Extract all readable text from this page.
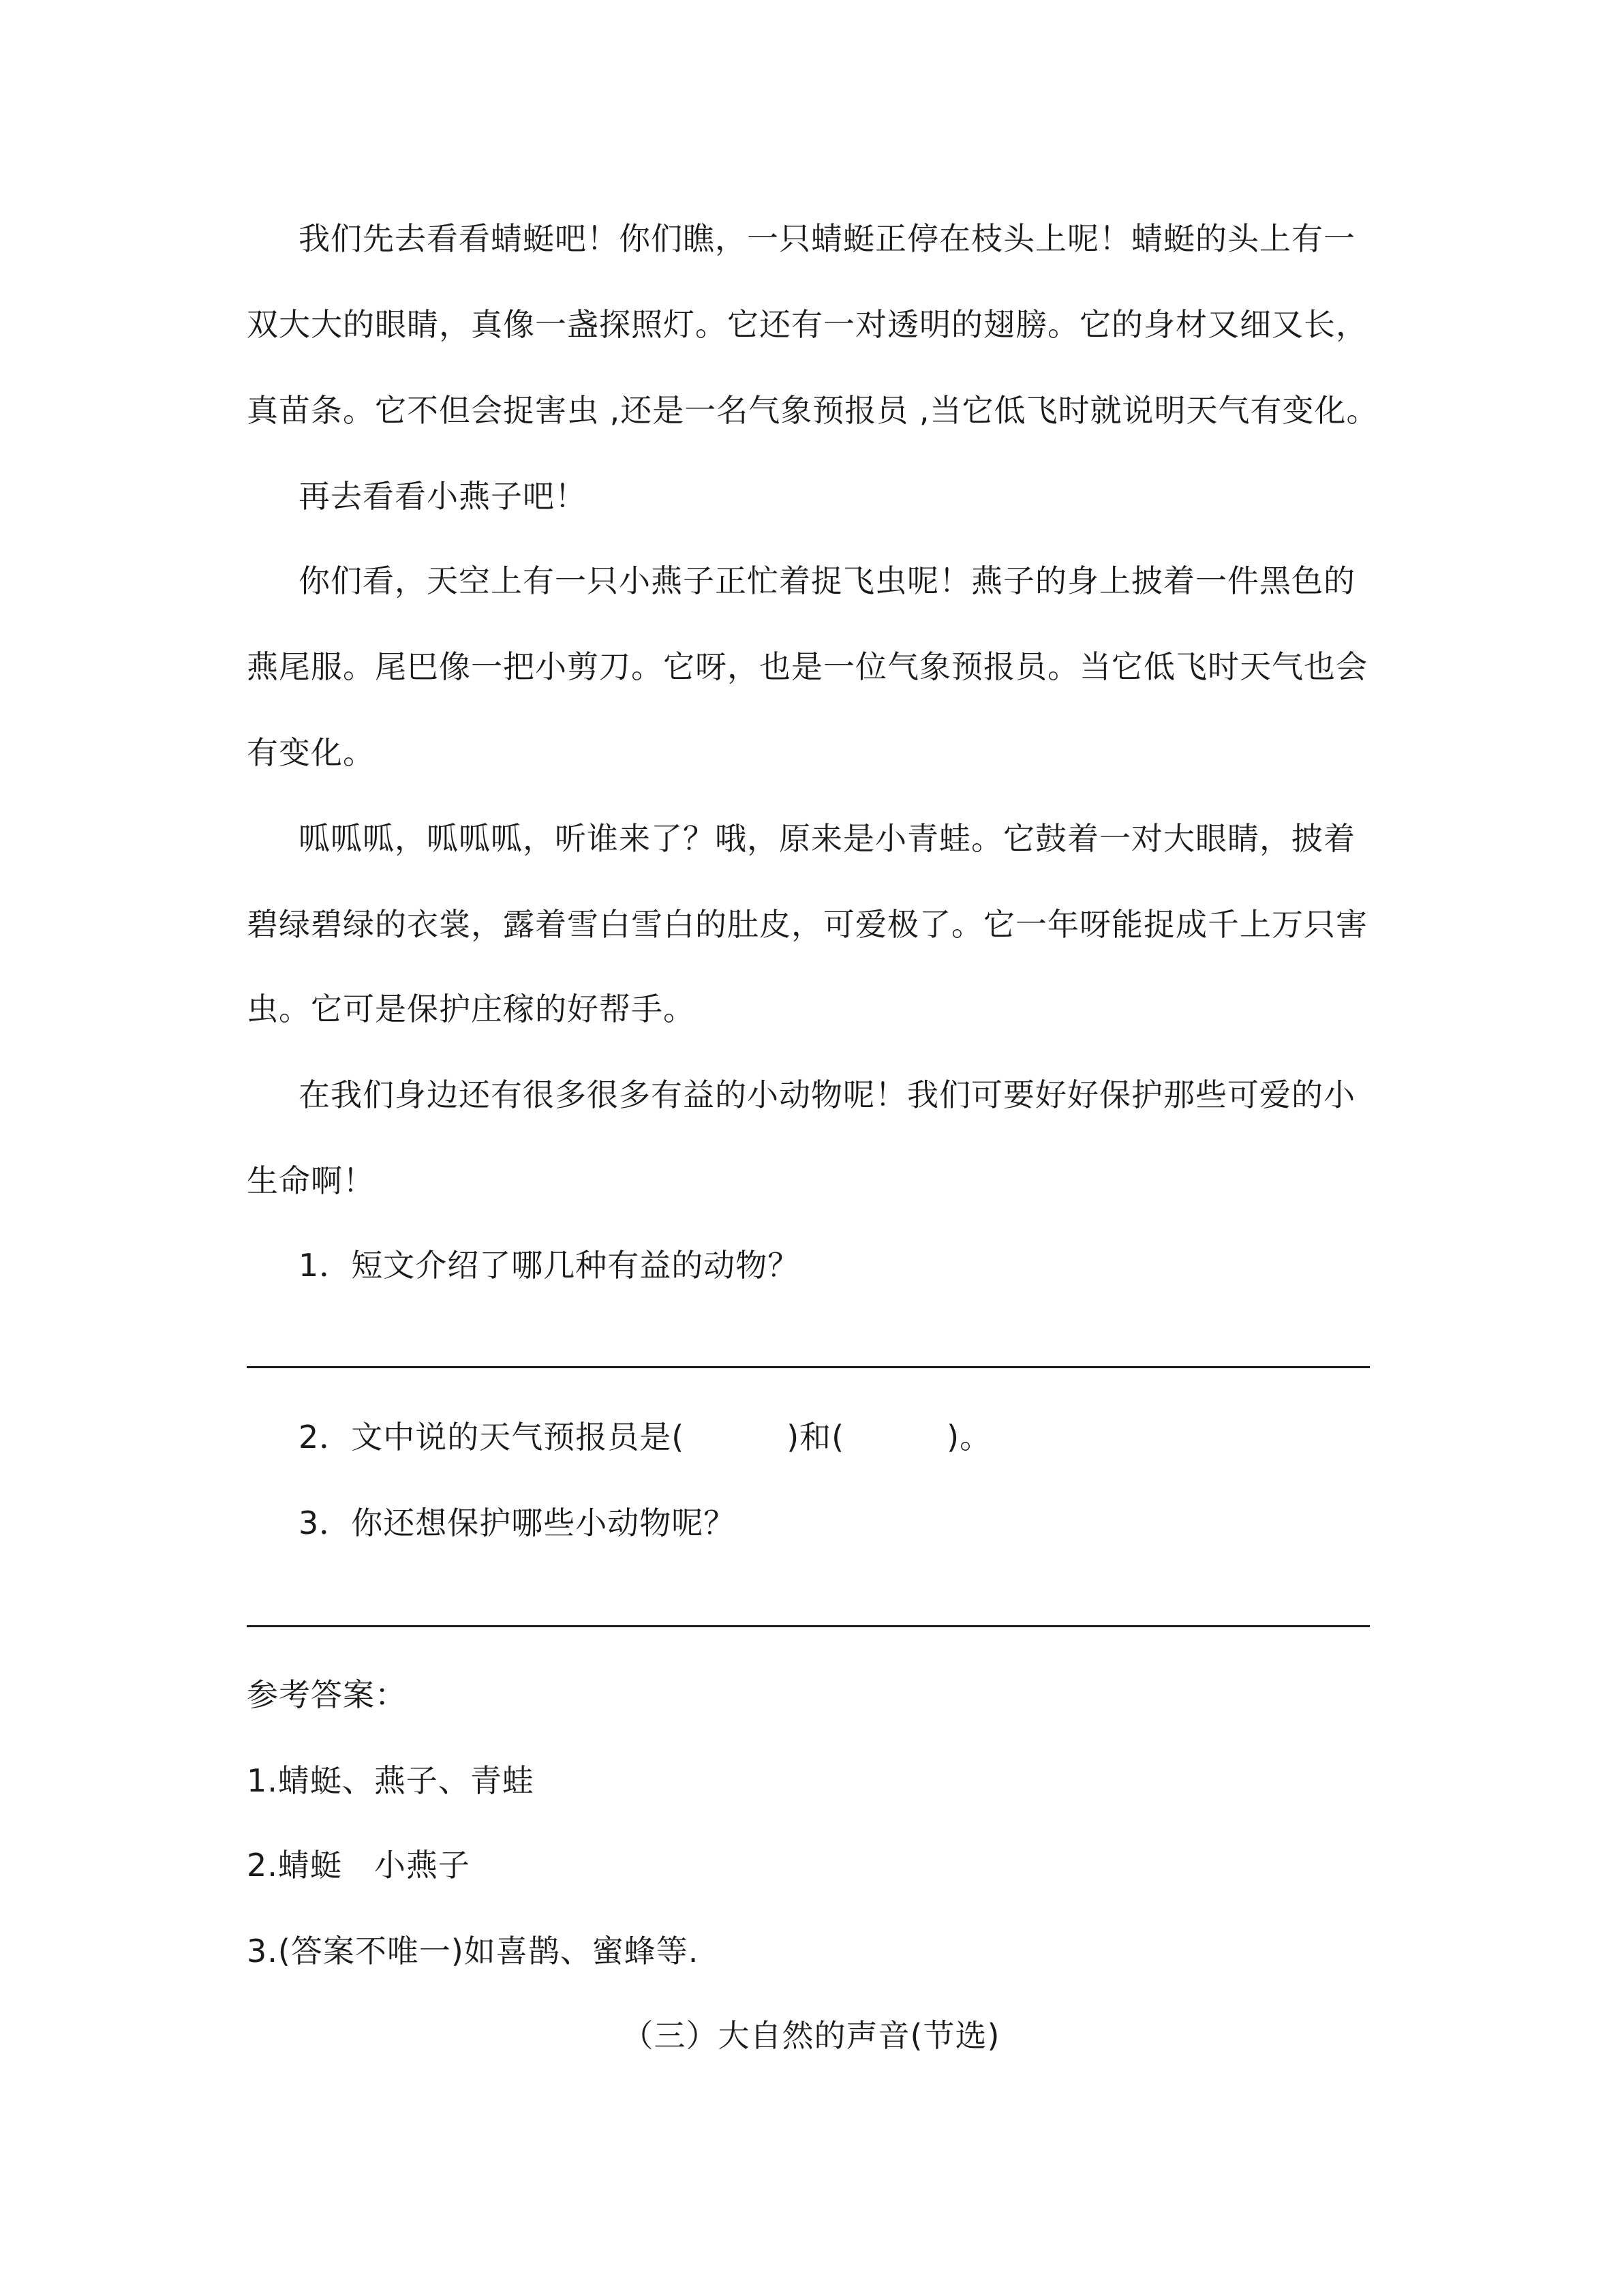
我们先去看看蜻蜓吧！你们瞧，一只蜻蜓正停在枝头上呢！蜻蜓的头上有一
双大大的眼睛，真像一盏探照灯。它还有一对透明的翅膀。它的身材又细又长，
真苗条。它不但会捉害虫 ,还是一名气象预报员 ,当它低飞时就说明天气有变化。
再去看看小燕子吧！
你们看，天空上有一只小燕子正忙着捉飞虫呢！燕子的身上披着一件黑色的
燕尾服。尾巴像一把小剪刀。它呀，也是一位气象预报员。当它低飞时天气也会
有变化。
呱呱呱，呱呱呱，听谁来了？哦，原来是小青蛙。它鼓着一对大眼睛，披着
碧绿碧绿的衣裳，露着雪白雪白的肚皮，可爱极了。它一年呀能捉成千上万只害
虫。它可是保护庄稼的好帮手。
在我们身边还有很多很多有益的小动物呢！我们可要好好保护那些可爱的小
生命啊！
1．短文介绍了哪几种有益的动物？
2．文中说的天气预报员是(	)和(	)。
3．你还想保护哪些小动物呢？
参考答案：
1.蜻蜓、燕子、青蛙
2.蜻蜓　小燕子
3.(答案不唯一)如喜鹊、蜜蜂等.
（三）大自然的声音(节选)
